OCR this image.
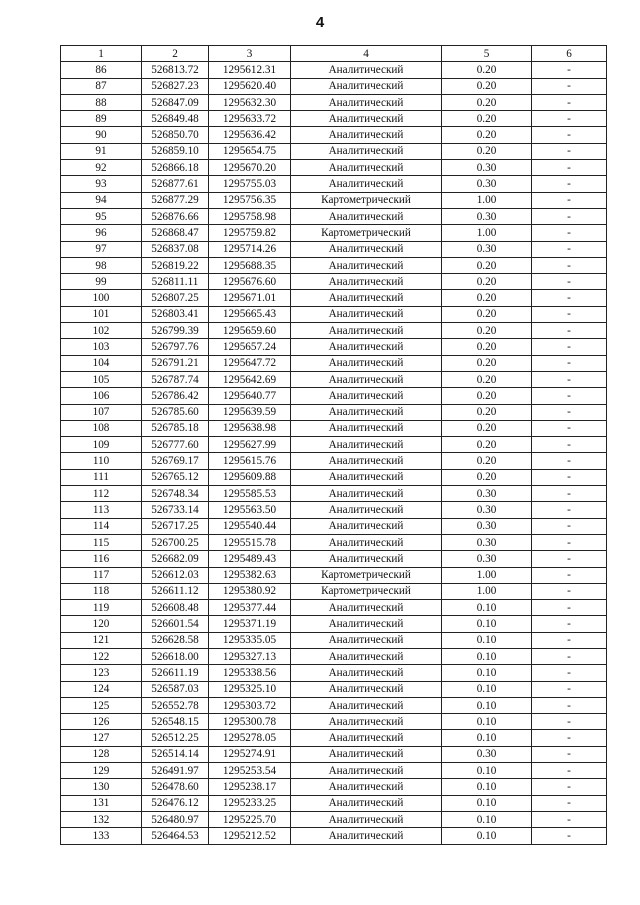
4
1	2	3	4	5	6
86	526813.72	1295612.31	Аналитический	0.20	-
87	526827.23	1295620.40	Аналитический	0.20	-
88	526847.09	1295632.30	Аналитический	0.20	-
89	526849.48	1295633.72	Аналитический	0.20	-
90	526850.70	1295636.42	Аналитический	0.20	-
91	526859.10	1295654.75	Аналитический	0.20	-
92	526866.18	1295670.20	Аналитический	0.30	-
93	526877.61	1295755.03	Аналитический	0.30	-
94	526877.29	1295756.35	Картометрический	1.00	-
95	526876.66	1295758.98	Аналитический	0.30	-
96	526868.47	1295759.82	Картометрический	1.00	-
97	526837.08	1295714.26	Аналитический	0.30	-
98	526819.22	1295688.35	Аналитический	0.20	-
99	526811.11	1295676.60	Аналитический	0.20	-
100	526807.25	1295671.01	Аналитический	0.20	-
101	526803.41	1295665.43	Аналитический	0.20	-
102	526799.39	1295659.60	Аналитический	0.20	-
103	526797.76	1295657.24	Аналитический	0.20	-
104	526791.21	1295647.72	Аналитический	0.20	-
105	526787.74	1295642.69	Аналитический	0.20	-
106	526786.42	1295640.77	Аналитический	0.20	-
107	526785.60	1295639.59	Аналитический	0.20	-
108	526785.18	1295638.98	Аналитический	0.20	-
109	526777.60	1295627.99	Аналитический	0.20	-
110	526769.17	1295615.76	Аналитический	0.20	-
111	526765.12	1295609.88	Аналитический	0.20	-
112	526748.34	1295585.53	Аналитический	0.30	-
113	526733.14	1295563.50	Аналитический	0.30	-
114	526717.25	1295540.44	Аналитический	0.30	-
115	526700.25	1295515.78	Аналитический	0.30	-
116	526682.09	1295489.43	Аналитический	0.30	-
117	526612.03	1295382.63	Картометрический	1.00	-
118	526611.12	1295380.92	Картометрический	1.00	-
119	526608.48	1295377.44	Аналитический	0.10	-
120	526601.54	1295371.19	Аналитический	0.10	-
121	526628.58	1295335.05	Аналитический	0.10	-
122	526618.00	1295327.13	Аналитический	0.10	-
123	526611.19	1295338.56	Аналитический	0.10	-
124	526587.03	1295325.10	Аналитический	0.10	-
125	526552.78	1295303.72	Аналитический	0.10	-
126	526548.15	1295300.78	Аналитический	0.10	-
127	526512.25	1295278.05	Аналитический	0.10	-
128	526514.14	1295274.91	Аналитический	0.30	-
129	526491.97	1295253.54	Аналитический	0.10	-
130	526478.60	1295238.17	Аналитический	0.10	-
131	526476.12	1295233.25	Аналитический	0.10	-
132	526480.97	1295225.70	Аналитический	0.10	-
133	526464.53	1295212.52	Аналитический	0.10	-
